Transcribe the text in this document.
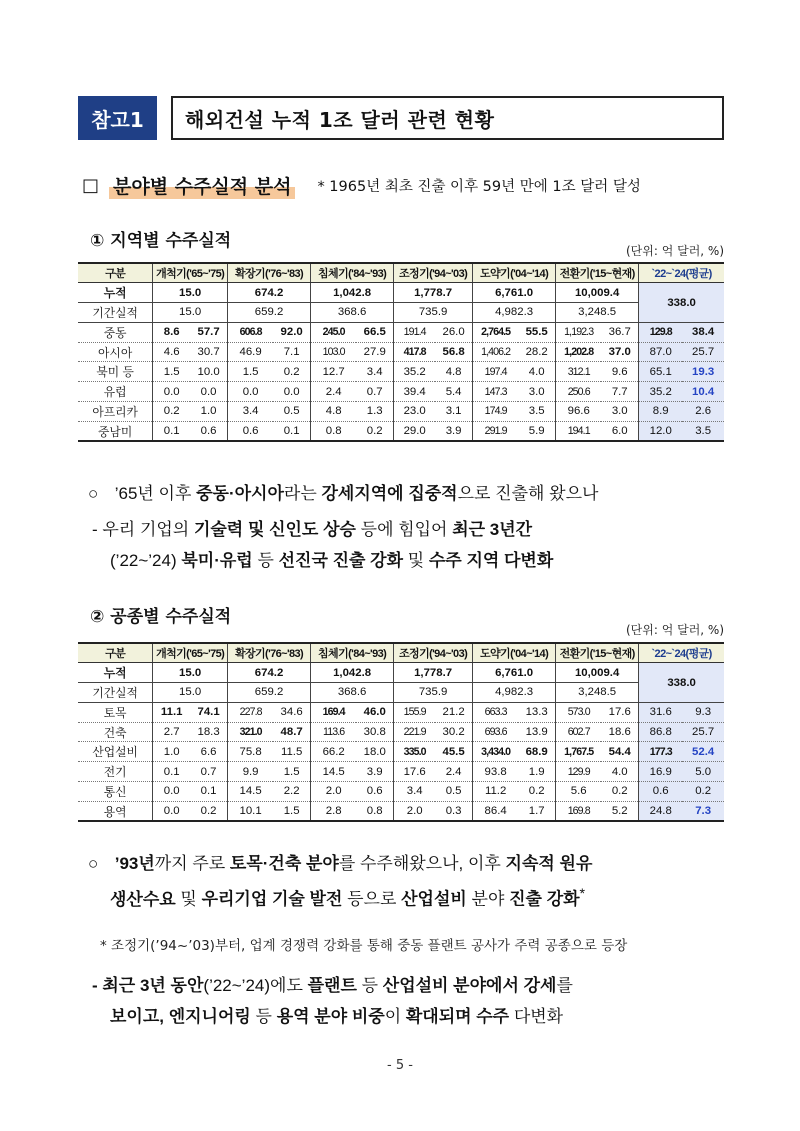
참고1	해외건설 누적 1조 달러 관련 현황
□ 분야별 수주실적 분석 * 1965년 최초 진출 이후 59년 만에 1조 달러 달성
① 지역별 수주실적	(단위: 억 달러, %)
구분	개척기('65~'75)		확장기('76~'83)		침체기('84~'93)		조정기('94~'03)		도약기('04~'14)		전환기('15~현재)		`22~`24(평균)	
누적	15.0		674.2		1,042.8		1,778.7		6,761.0		10,009.4		338.0	
기간실적	15.0		659.2		368.6		735.9		4,982.3		3,248.5			
중동	8.6	57.7	606.8	92.0	245.0	66.5	191.4	26.0	2,764.5	55.5	1,192.3	36.7	129.8	38.4
아시아	4.6	30.7	46.9	7.1	103.0	27.9	417.8	56.8	1,406.2	28.2	1,202.8	37.0	87.0	25.7
북미 등	1.5	10.0	1.5	0.2	12.7	3.4	35.2	4.8	197.4	4.0	312.1	9.6	65.1	19.3
유럽	0.0	0.0	0.0	0.0	2.4	0.7	39.4	5.4	147.3	3.0	250.6	7.7	35.2	10.4
아프리카	0.2	1.0	3.4	0.5	4.8	1.3	23.0	3.1	174.9	3.5	96.6	3.0	8.9	2.6
중남미	0.1	0.6	0.6	0.1	0.8	0.2	29.0	3.9	291.9	5.9	194.1	6.0	12.0	3.5
○ ’65년 이후 중동·아시아라는 강세지역에 집중적으로 진출해 왔으나
- 우리 기업의 기술력 및 신인도 상승 등에 힘입어 최근 3년간
(’22~’24) 북미·유럽 등 선진국 진출 강화 및 수주 지역 다변화
② 공종별 수주실적
(단위: 억 달러, %)
구분	개척기('65~'75)		확장기('76~'83)		침체기('84~'93)		조정기('94~'03)		도약기('04~'14)		전환기('15~현재)		`22~`24(평균)	
누적	15.0		674.2		1,042.8		1,778.7		6,761.0		10,009.4		338.0	
기간실적	15.0		659.2		368.6		735.9		4,982.3		3,248.5			
토목	11.1	74.1	227.8	34.6	169.4	46.0	155.9	21.2	663.3	13.3	573.0	17.6	31.6	9.3
건축	2.7	18.3	321.0	48.7	113.6	30.8	221.9	30.2	693.6	13.9	602.7	18.6	86.8	25.7
산업설비	1.0	6.6	75.8	11.5	66.2	18.0	335.0	45.5	3,434.0	68.9	1,767.5	54.4	177.3	52.4
전기	0.1	0.7	9.9	1.5	14.5	3.9	17.6	2.4	93.8	1.9	129.9	4.0	16.9	5.0
통신	0.0	0.1	14.5	2.2	2.0	0.6	3.4	0.5	11.2	0.2	5.6	0.2	0.6	0.2
용역	0.0	0.2	10.1	1.5	2.8	0.8	2.0	0.3	86.4	1.7	169.8	5.2	24.8	7.3
○ ’93년까지 주로 토목·건축 분야를 수주해왔으나, 이후 지속적 원유
생산수요 및 우리기업 기술 발전 등으로 산업설비 분야 진출 강화*
* 조정기(’94~’03)부터, 업계 경쟁력 강화를 통해 중동 플랜트 공사가 주력 공종으로 등장
- 최근 3년 동안(’22~’24)에도 플랜트 등 산업설비 분야에서 강세를
보이고, 엔지니어링 등 용역 분야 비중이 확대되며 수주 다변화
- 5 -
